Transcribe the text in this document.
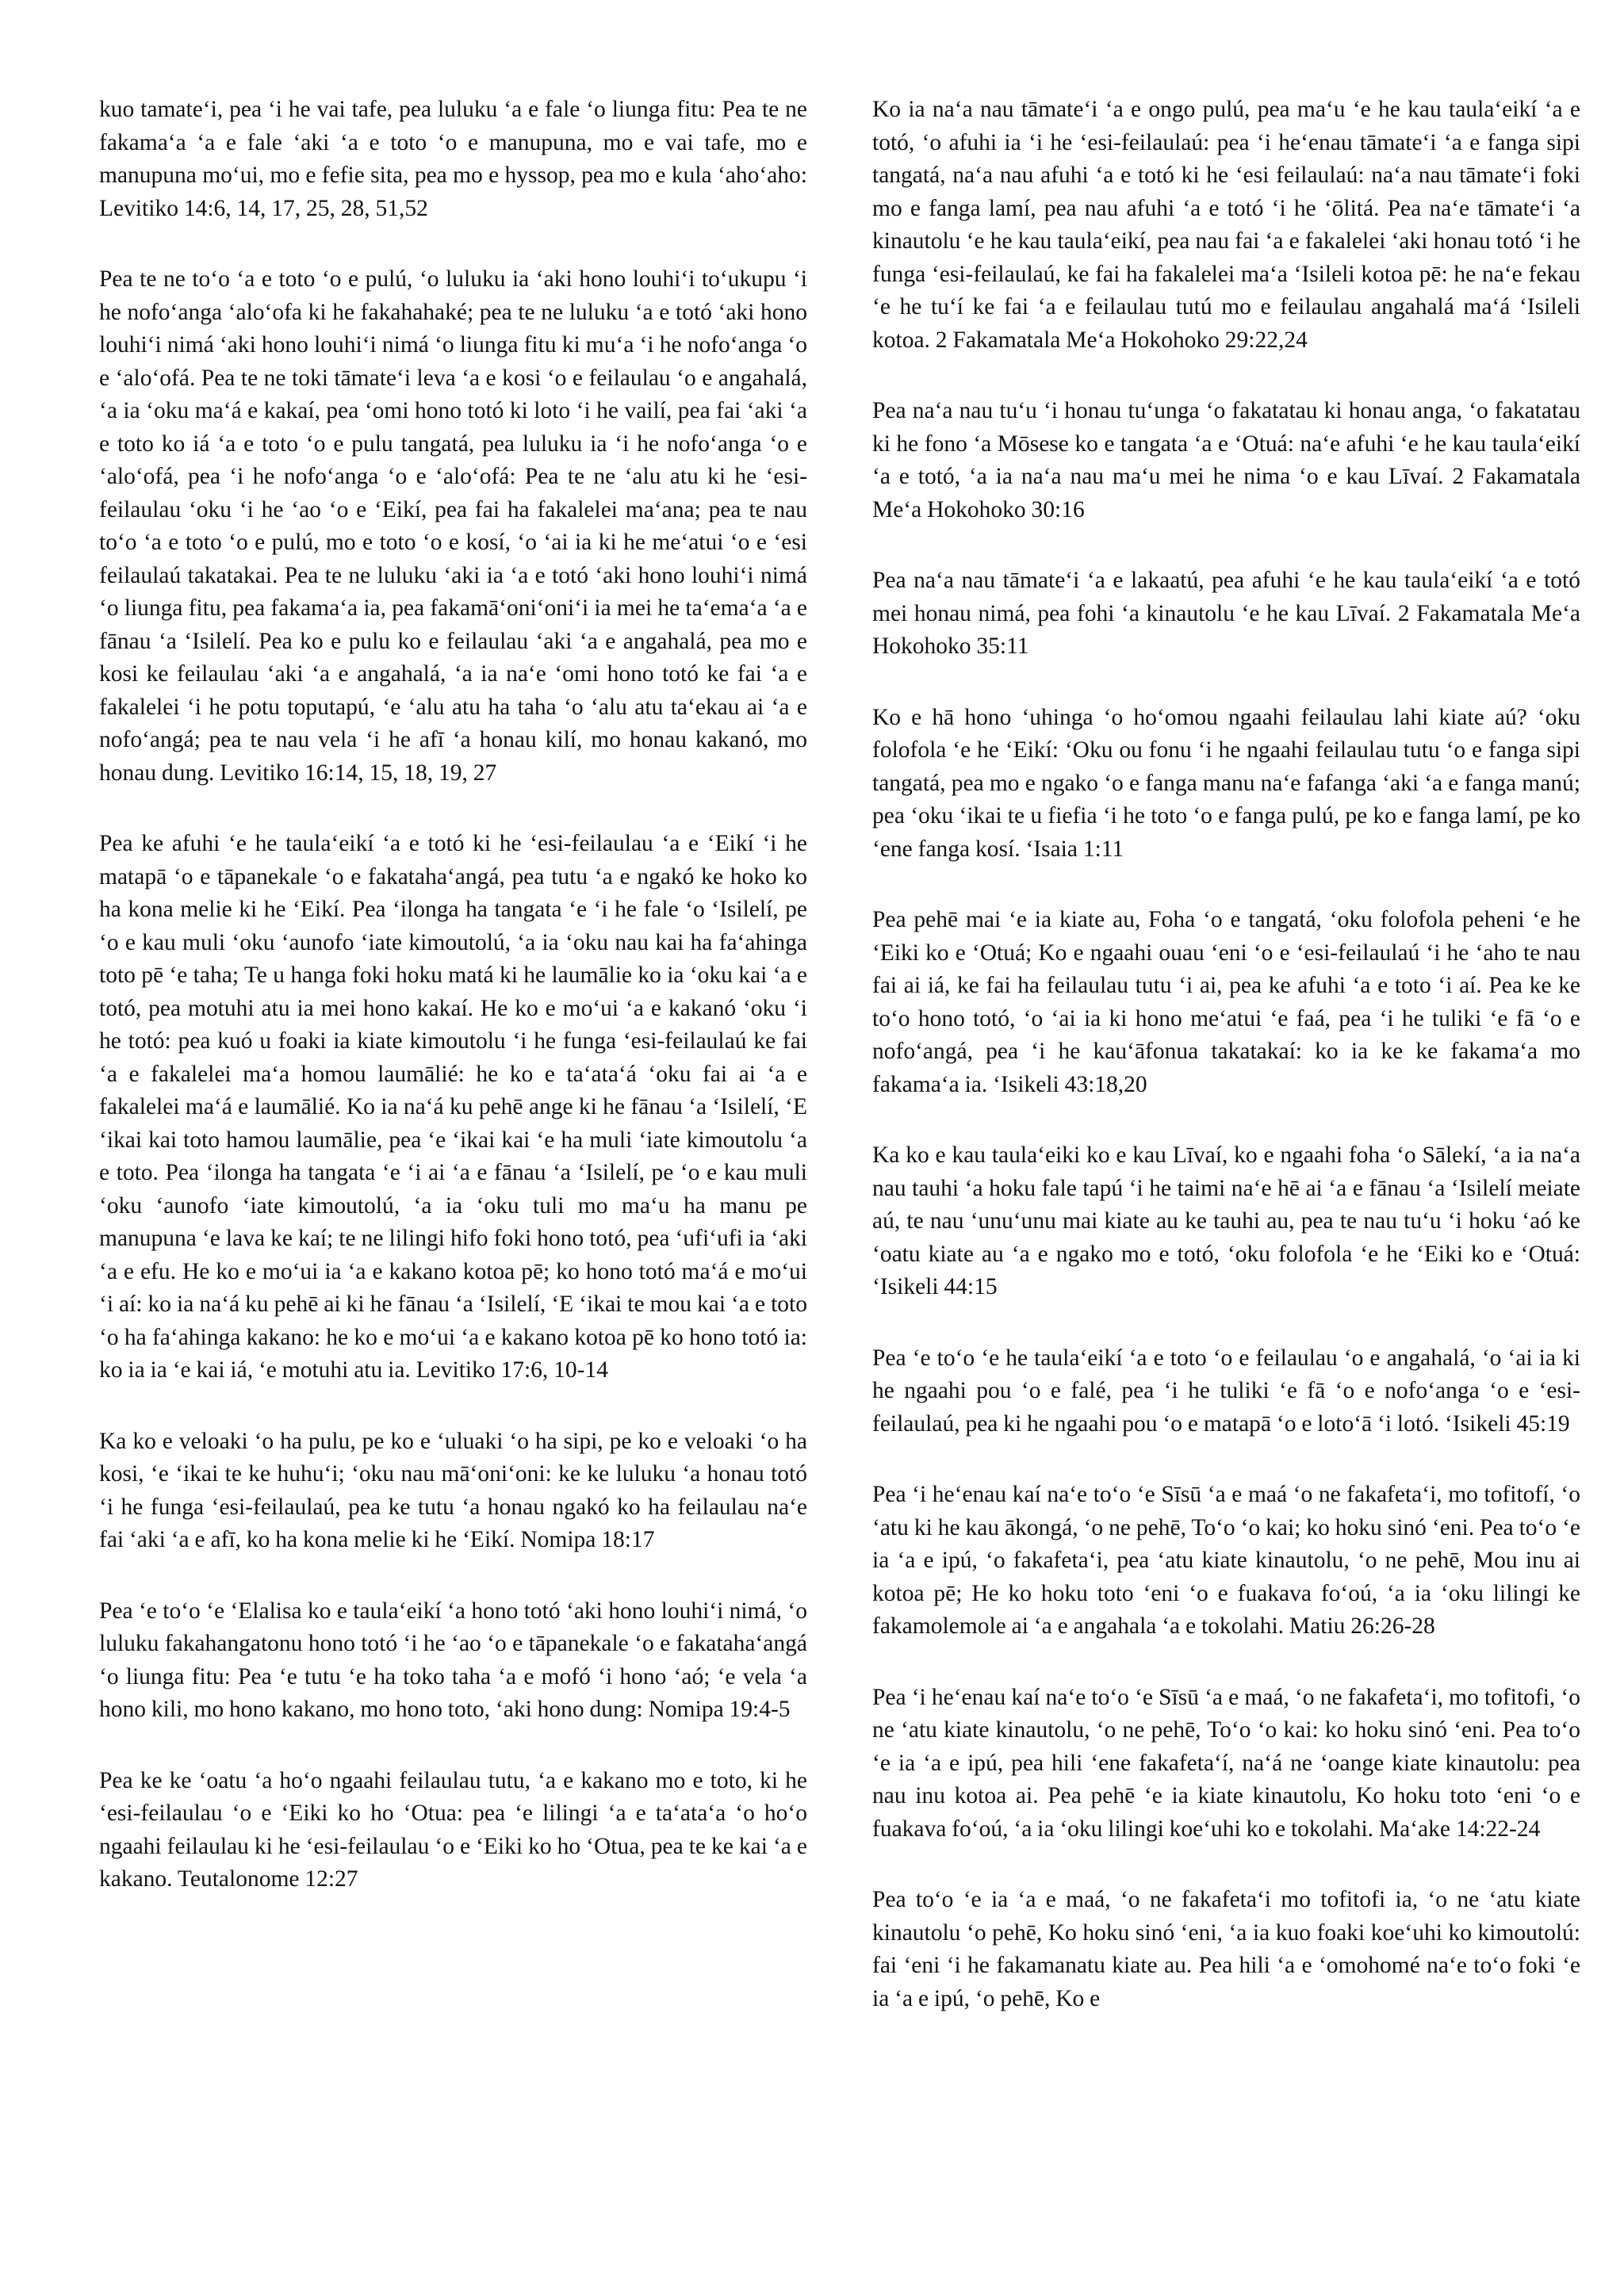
kuo tamate‘i, pea ‘i he vai tafe, pea luluku ‘a e fale ‘o liunga fitu: Pea te ne fakama‘a ‘a e fale ‘aki ‘a e toto ‘o e manupuna, mo e vai tafe, mo e manupuna mo‘ui, mo e fefie sita, pea mo e hyssop, pea mo e kula ‘aho‘aho: Levitiko 14:6, 14, 17, 25, 28, 51,52

Pea te ne to‘o ‘a e toto ‘o e pulú, ‘o luluku ia ‘aki hono louhi‘i to‘ukupu ‘i he nofo‘anga ‘alo‘ofa ki he fakahahaké; pea te ne luluku ‘a e totó ‘aki hono louhi‘i nimá ‘aki hono louhi‘i nimá ‘o liunga fitu ki mu‘a ‘i he nofo‘anga ‘o e ‘alo‘ofá. Pea te ne toki tāmate‘i leva ‘a e kosi ‘o e feilaulau ‘o e angahalá, ‘a ia ‘oku ma‘á e kakaí, pea ‘omi hono totó ki loto ‘i he vailí, pea fai ‘aki ‘a e toto ko iá ‘a e toto ‘o e pulu tangatá, pea luluku ia ‘i he nofo‘anga ‘o e ‘alo‘ofá, pea ‘i he nofo‘anga ‘o e ‘alo‘ofá: Pea te ne ‘alu atu ki he ‘esi-feilaulau ‘oku ‘i he ‘ao ‘o e ‘Eikí, pea fai ha fakalelei ma‘ana; pea te nau to‘o ‘a e toto ‘o e pulú, mo e toto ‘o e kosí, ‘o ‘ai ia ki he me‘atui ‘o e ‘esi feilaulaú takatakai. Pea te ne luluku ‘aki ia ‘a e totó ‘aki hono louhi‘i nimá ‘o liunga fitu, pea fakama‘a ia, pea fakamā‘oni‘oni‘i ia mei he ta‘ema‘a ‘a e fānau ‘a ‘Isilelí. Pea ko e pulu ko e feilaulau ‘aki ‘a e angahalá, pea mo e kosi ke feilaulau ‘aki ‘a e angahalá, ‘a ia na‘e ‘omi hono totó ke fai ‘a e fakalelei ‘i he potu toputapú, ‘e ‘alu atu ha taha ‘o ‘alu atu ta‘ekau ai ‘a e nofo‘angá; pea te nau vela ‘i he afī ‘a honau kilí, mo honau kakanó, mo honau dung. Levitiko 16:14, 15, 18, 19, 27

Pea ke afuhi ‘e he taula‘eikí ‘a e totó ki he ‘esi-feilaulau ‘a e ‘Eikí ‘i he matapā ‘o e tāpanekale ‘o e fakataha‘angá, pea tutu ‘a e ngakó ke hoko ko ha kona melie ki he ‘Eikí. Pea ‘ilonga ha tangata ‘e ‘i he fale ‘o ‘Isilelí, pe ‘o e kau muli ‘oku ‘aunofo ‘iate kimoutolú, ‘a ia ‘oku nau kai ha fa‘ahinga toto pē ‘e taha; Te u hanga foki hoku matá ki he laumālie ko ia ‘oku kai ‘a e totó, pea motuhi atu ia mei hono kakaí. He ko e mo‘ui ‘a e kakanó ‘oku ‘i he totó: pea kuó u foaki ia kiate kimoutolu ‘i he funga ‘esi-feilaulaú ke fai ‘a e fakalelei ma‘a homou laumālié: he ko e ta‘ata‘á ‘oku fai ai ‘a e fakalelei ma‘á e laumālié. Ko ia na‘á ku pehē ange ki he fānau ‘a ‘Isilelí, ‘E ‘ikai kai toto hamou laumālie, pea ‘e ‘ikai kai ‘e ha muli ‘iate kimoutolu ‘a e toto. Pea ‘ilonga ha tangata ‘e ‘i ai ‘a e fānau ‘a ‘Isilelí, pe ‘o e kau muli ‘oku ‘aunofo ‘iate kimoutolú, ‘a ia ‘oku tuli mo ma‘u ha manu pe manupuna ‘e lava ke kaí; te ne lilingi hifo foki hono totó, pea ‘ufi‘ufi ia ‘aki ‘a e efu. He ko e mo‘ui ia ‘a e kakano kotoa pē; ko hono totó ma‘á e mo‘ui ‘i aí: ko ia na‘á ku pehē ai ki he fānau ‘a ‘Isilelí, ‘E ‘ikai te mou kai ‘a e toto ‘o ha fa‘ahinga kakano: he ko e mo‘ui ‘a e kakano kotoa pē ko hono totó ia: ko ia ia ‘e kai iá, ‘e motuhi atu ia. Levitiko 17:6, 10-14

Ka ko e veloaki ‘o ha pulu, pe ko e ‘uluaki ‘o ha sipi, pe ko e veloaki ‘o ha kosi, ‘e ‘ikai te ke huhu‘i; ‘oku nau mā‘oni‘oni: ke ke luluku ‘a honau totó ‘i he funga ‘esi-feilaulaú, pea ke tutu ‘a honau ngakó ko ha feilaulau na‘e fai ‘aki ‘a e afī, ko ha kona melie ki he ‘Eikí. Nomipa 18:17

Pea ‘e to‘o ‘e ‘Elalisa ko e taula‘eikí ‘a hono totó ‘aki hono louhi‘i nimá, ‘o luluku fakahangatonu hono totó ‘i he ‘ao ‘o e tāpanekale ‘o e fakataha‘angá ‘o liunga fitu: Pea ‘e tutu ‘e ha toko taha ‘a e mofó ‘i hono ‘aó; ‘e vela ‘a hono kili, mo hono kakano, mo hono toto, ‘aki hono dung: Nomipa 19:4-5

Pea ke ke ‘oatu ‘a ho‘o ngaahi feilaulau tutu, ‘a e kakano mo e toto, ki he ‘esi-feilaulau ‘o e ‘Eiki ko ho ‘Otua: pea ‘e lilingi ‘a e ta‘ata‘a ‘o ho‘o ngaahi feilaulau ki he ‘esi-feilaulau ‘o e ‘Eiki ko ho ‘Otua, pea te ke kai ‘a e kakano. Teutalonome 12:27

Ko ia na‘a nau tāmate‘i ‘a e ongo pulú, pea ma‘u ‘e he kau taula‘eikí ‘a e totó, ‘o afuhi ia ‘i he ‘esi-feilaulaú: pea ‘i he‘enau tāmate‘i ‘a e fanga sipi tangatá, na‘a nau afuhi ‘a e totó ki he ‘esi feilaulaú: na‘a nau tāmate‘i foki mo e fanga lamí, pea nau afuhi ‘a e totó ‘i he ‘ōlitá. Pea na‘e tāmate‘i ‘a kinautolu ‘e he kau taula‘eikí, pea nau fai ‘a e fakalelei ‘aki honau totó ‘i he funga ‘esi-feilaulaú, ke fai ha fakalelei ma‘a ‘Isileli kotoa pē: he na‘e fekau ‘e he tu‘í ke fai ‘a e feilaulau tutú mo e feilaulau angahalá ma‘á ‘Isileli kotoa. 2 Fakamatala Me‘a Hokohoko 29:22,24

Pea na‘a nau tu‘u ‘i honau tu‘unga ‘o fakatatau ki honau anga, ‘o fakatatau ki he fono ‘a Mōsese ko e tangata ‘a e ‘Otuá: na‘e afuhi ‘e he kau taula‘eikí ‘a e totó, ‘a ia na‘a nau ma‘u mei he nima ‘o e kau Līvaí. 2 Fakamatala Me‘a Hokohoko 30:16

Pea na‘a nau tāmate‘i ‘a e lakaatú, pea afuhi ‘e he kau taula‘eikí ‘a e totó mei honau nimá, pea fohi ‘a kinautolu ‘e he kau Līvaí. 2 Fakamatala Me‘a Hokohoko 35:11

Ko e hā hono ‘uhinga ‘o ho‘omou ngaahi feilaulau lahi kiate aú? ‘oku folofola ‘e he ‘Eikí: ‘Oku ou fonu ‘i he ngaahi feilaulau tutu ‘o e fanga sipi tangatá, pea mo e ngako ‘o e fanga manu na‘e fafanga ‘aki ‘a e fanga manú; pea ‘oku ‘ikai te u fiefia ‘i he toto ‘o e fanga pulú, pe ko e fanga lamí, pe ko ‘ene fanga kosí. ‘Isaia 1:11

Pea pehē mai ‘e ia kiate au, Foha ‘o e tangatá, ‘oku folofola peheni ‘e he ‘Eiki ko e ‘Otuá; Ko e ngaahi ouau ‘eni ‘o e ‘esi-feilaulaú ‘i he ‘aho te nau fai ai iá, ke fai ha feilaulau tutu ‘i ai, pea ke afuhi ‘a e toto ‘i aí. Pea ke ke to‘o hono totó, ‘o ‘ai ia ki hono me‘atui ‘e faá, pea ‘i he tuliki ‘e fā ‘o e nofo‘angá, pea ‘i he kau‘āfonua takatakaí: ko ia ke ke fakama‘a mo fakama‘a ia. ‘Isikeli 43:18,20

Ka ko e kau taula‘eiki ko e kau Līvaí, ko e ngaahi foha ‘o Sālekí, ‘a ia na‘a nau tauhi ‘a hoku fale tapú ‘i he taimi na‘e hē ai ‘a e fānau ‘a ‘Isilelí meiate aú, te nau ‘unu‘unu mai kiate au ke tauhi au, pea te nau tu‘u ‘i hoku ‘aó ke ‘oatu kiate au ‘a e ngako mo e totó, ‘oku folofola ‘e he ‘Eiki ko e ‘Otuá: ‘Isikeli 44:15

Pea ‘e to‘o ‘e he taula‘eikí ‘a e toto ‘o e feilaulau ‘o e angahalá, ‘o ‘ai ia ki he ngaahi pou ‘o e falé, pea ‘i he tuliki ‘e fā ‘o e nofo‘anga ‘o e ‘esi-feilaulaú, pea ki he ngaahi pou ‘o e matapā ‘o e loto‘ā ‘i lotó. ‘Isikeli 45:19

Pea ‘i he‘enau kaí na‘e to‘o ‘e Sīsū ‘a e maá ‘o ne fakafeta‘i, mo tofitofí, ‘o ‘atu ki he kau ākongá, ‘o ne pehē, To‘o ‘o kai; ko hoku sinó ‘eni. Pea to‘o ‘e ia ‘a e ipú, ‘o fakafeta‘i, pea ‘atu kiate kinautolu, ‘o ne pehē, Mou inu ai kotoa pē; He ko hoku toto ‘eni ‘o e fuakava fo‘oú, ‘a ia ‘oku lilingi ke fakamolemole ai ‘a e angahala ‘a e tokolahi. Matiu 26:26-28

Pea ‘i he‘enau kaí na‘e to‘o ‘e Sīsū ‘a e maá, ‘o ne fakafeta‘i, mo tofitofi, ‘o ne ‘atu kiate kinautolu, ‘o ne pehē, To‘o ‘o kai: ko hoku sinó ‘eni. Pea to‘o ‘e ia ‘a e ipú, pea hili ‘ene fakafeta‘í, na‘á ne ‘oange kiate kinautolu: pea nau inu kotoa ai. Pea pehē ‘e ia kiate kinautolu, Ko hoku toto ‘eni ‘o e fuakava fo‘oú, ‘a ia ‘oku lilingi koe‘uhi ko e tokolahi. Ma‘ake 14:22-24

Pea to‘o ‘e ia ‘a e maá, ‘o ne fakafeta‘i mo tofitofi ia, ‘o ne ‘atu kiate kinautolu ‘o pehē, Ko hoku sinó ‘eni, ‘a ia kuo foaki koe‘uhi ko kimoutolú: fai ‘eni ‘i he fakamanatu kiate au. Pea hili ‘a e ‘omohomé na‘e to‘o foki ‘e ia ‘a e ipú, ‘o pehē, Ko e
